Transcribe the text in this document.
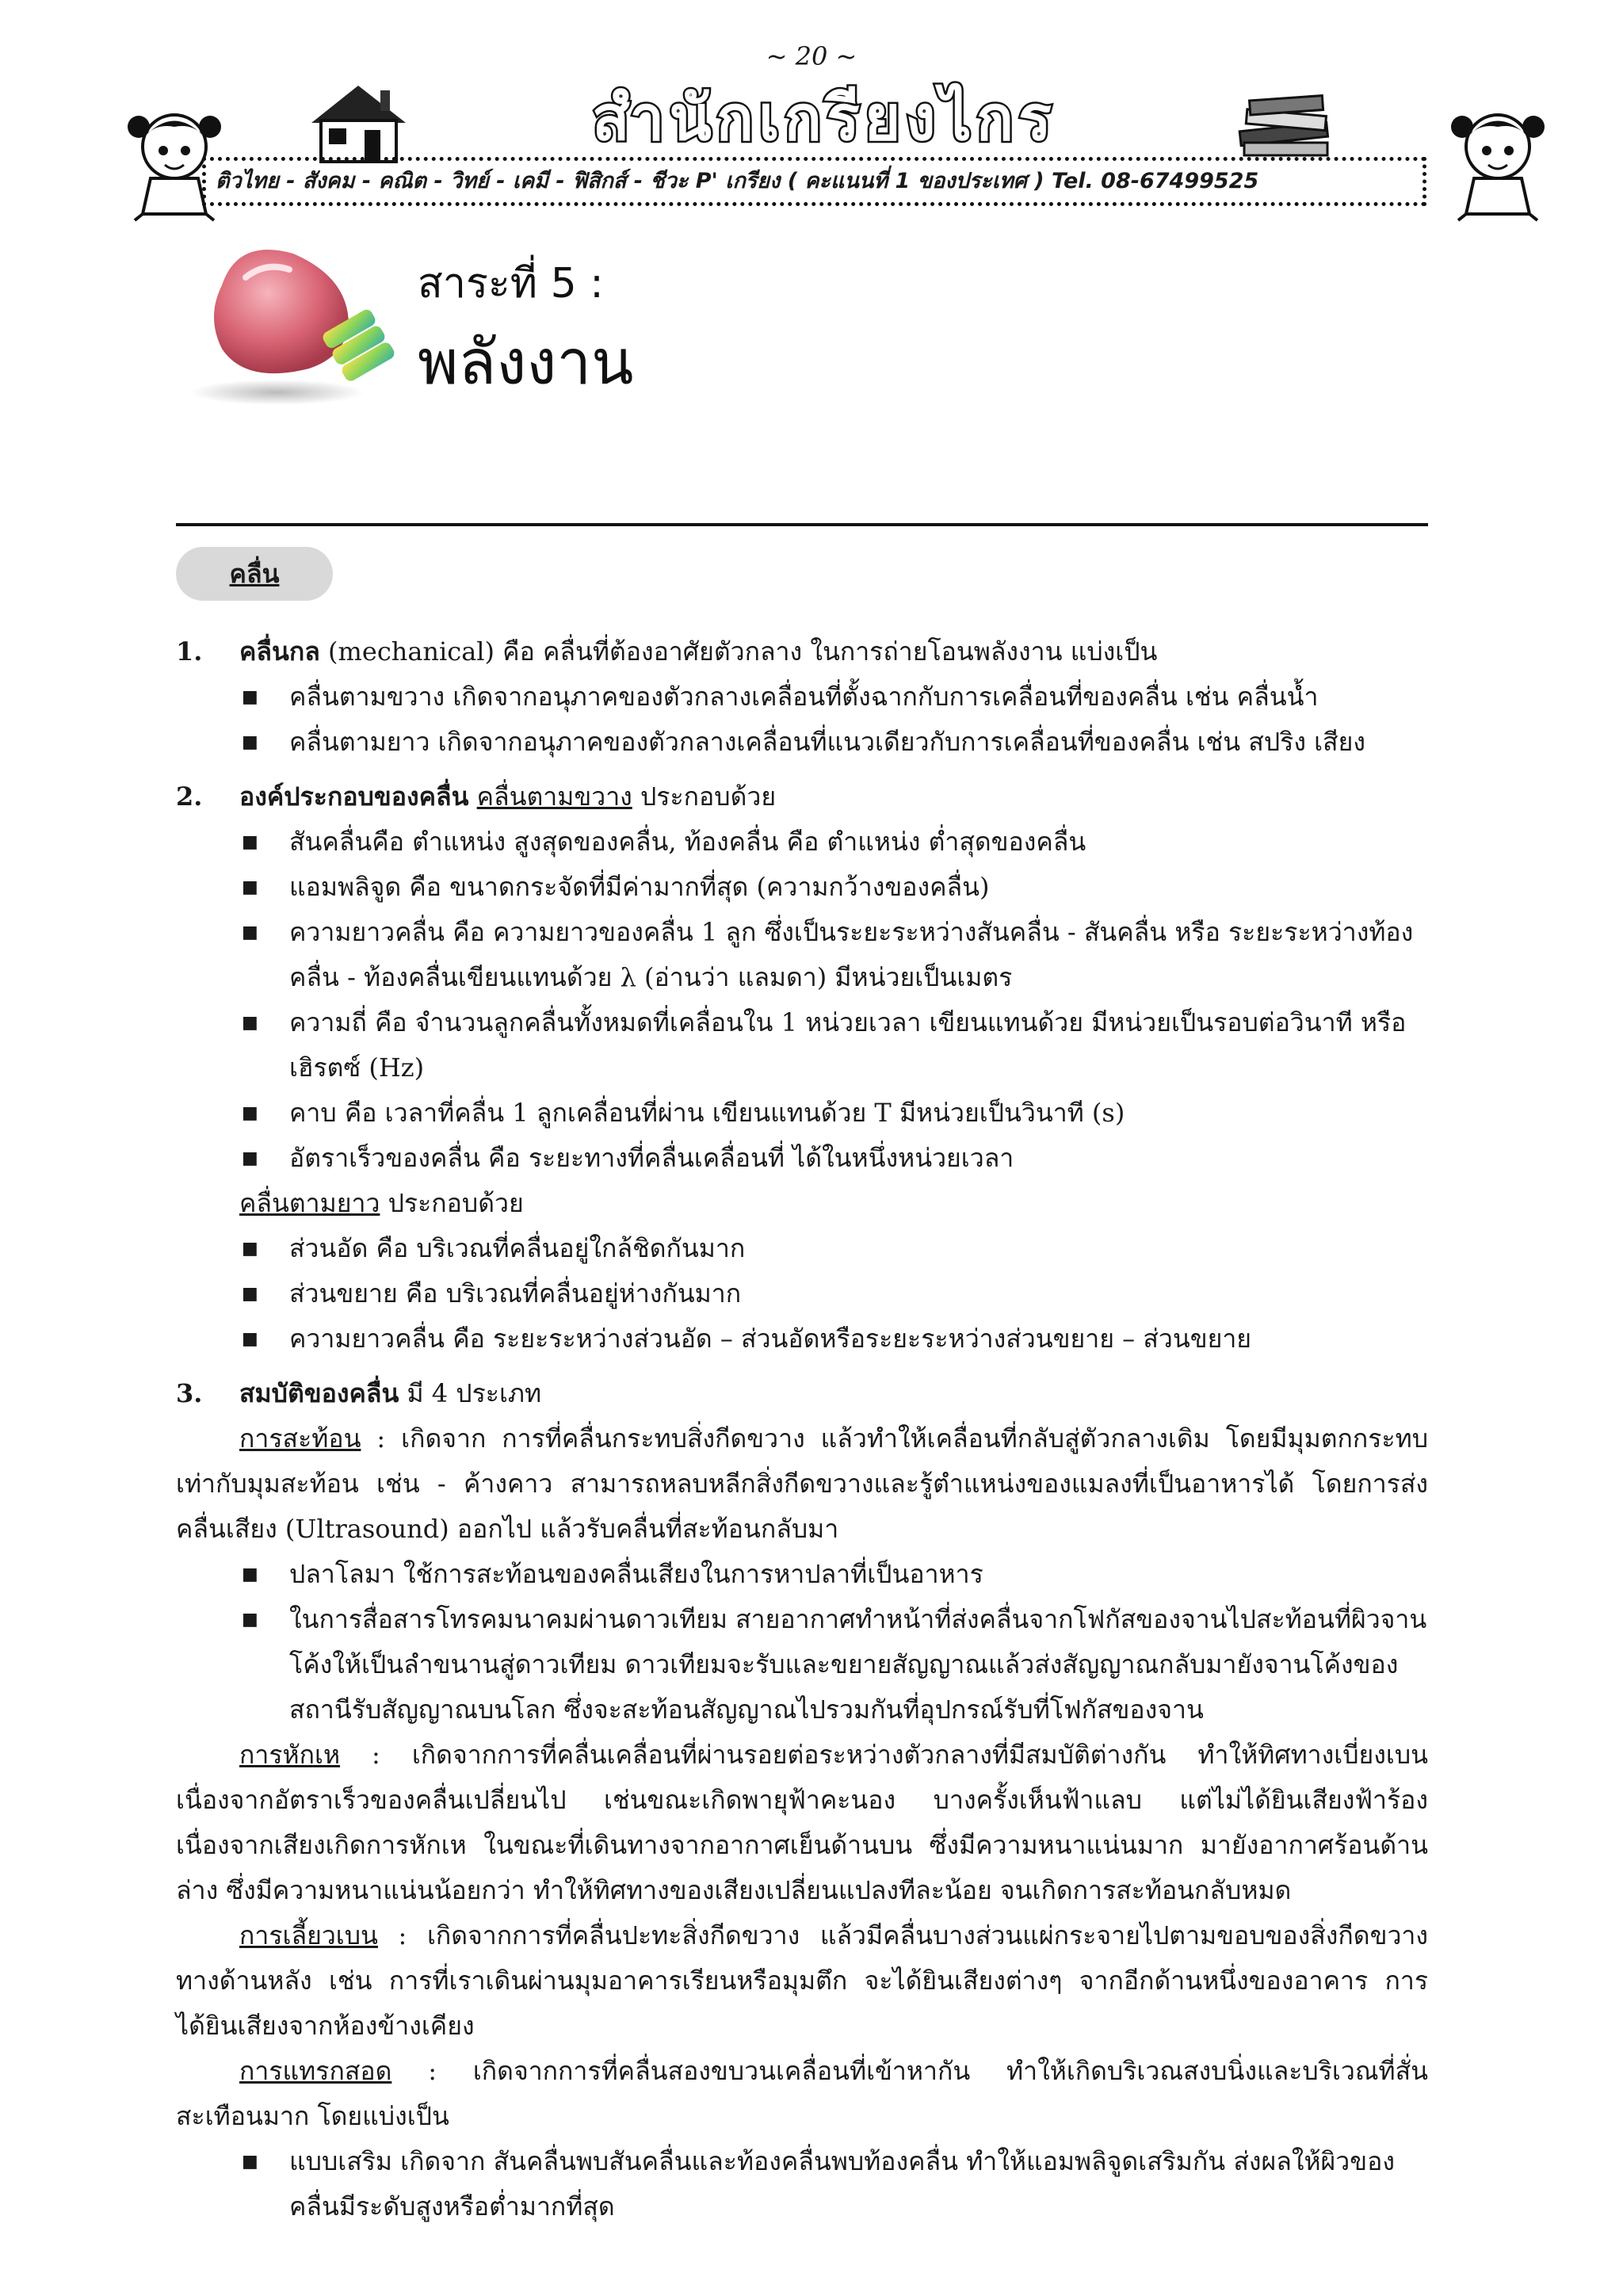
~ 20 ~
สำนักเกรียงไกร
ติวไทย - สังคม - คณิต - วิทย์ - เคมี - ฟิสิกส์ - ชีวะ P' เกรียง ( คะแนนที่ 1 ของประเทศ ) Tel. 08-67499525
สาระที่ 5 :
พลังงาน
คลื่น

1. คลื่นกล (mechanical) คือ คลื่นที่ต้องอาศัยตัวกลาง ในการถ่ายโอนพลังงาน แบ่งเป็น

■ คลื่นตามขวาง เกิดจากอนุภาคของตัวกลางเคลื่อนที่ตั้งฉากกับการเคลื่อนที่ของคลื่น เช่น คลื่นน้ำ

■ คลื่นตามยาว เกิดจากอนุภาคของตัวกลางเคลื่อนที่แนวเดียวกับการเคลื่อนที่ของคลื่น เช่น สปริง เสียง

2. องค์ประกอบของคลื่น คลื่นตามขวาง ประกอบด้วย

■ สันคลื่นคือ ตำแหน่ง สูงสุดของคลื่น, ท้องคลื่น คือ ตำแหน่ง ต่ำสุดของคลื่น

■ แอมพลิจูด คือ ขนาดกระจัดที่มีค่ามากที่สุด (ความกว้างของคลื่น)

■ ความยาวคลื่น คือ ความยาวของคลื่น 1 ลูก ซึ่งเป็นระยะระหว่างสันคลื่น - สันคลื่น หรือ ระยะระหว่างท้องคลื่น - ท้องคลื่นเขียนแทนด้วย λ (อ่านว่า แลมดา) มีหน่วยเป็นเมตร

■ ความถี่ คือ จำนวนลูกคลื่นทั้งหมดที่เคลื่อนใน 1 หน่วยเวลา เขียนแทนด้วย มีหน่วยเป็นรอบต่อวินาที หรือ เฮิรตซ์ (Hz)

■ คาบ คือ เวลาที่คลื่น 1 ลูกเคลื่อนที่ผ่าน เขียนแทนด้วย T มีหน่วยเป็นวินาที (s)

■ อัตราเร็วของคลื่น คือ ระยะทางที่คลื่นเคลื่อนที่ ได้ในหนึ่งหน่วยเวลา

คลื่นตามยาว ประกอบด้วย

■ ส่วนอัด คือ บริเวณที่คลื่นอยู่ใกล้ชิดกันมาก

■ ส่วนขยาย คือ บริเวณที่คลื่นอยู่ห่างกันมาก

■ ความยาวคลื่น คือ ระยะระหว่างส่วนอัด – ส่วนอัดหรือระยะระหว่างส่วนขยาย – ส่วนขยาย

3. สมบัติของคลื่น มี 4 ประเภท

การสะท้อน : เกิดจาก การที่คลื่นกระทบสิ่งกีดขวาง แล้วทำให้เคลื่อนที่กลับสู่ตัวกลางเดิม โดยมีมุมตกกระทบเท่ากับมุมสะท้อน เช่น - ค้างคาว สามารถหลบหลีกสิ่งกีดขวางและรู้ตำแหน่งของแมลงที่เป็นอาหารได้ โดยการส่งคลื่นเสียง (Ultrasound) ออกไป แล้วรับคลื่นที่สะท้อนกลับมา

■ ปลาโลมา ใช้การสะท้อนของคลื่นเสียงในการหาปลาที่เป็นอาหาร

■ ในการสื่อสารโทรคมนาคมผ่านดาวเทียม สายอากาศทำหน้าที่ส่งคลื่นจากโฟกัสของจานไปสะท้อนที่ผิวจานโค้งให้เป็นลำขนานสู่ดาวเทียม ดาวเทียมจะรับและขยายสัญญาณแล้วส่งสัญญาณกลับมายังจานโค้งของสถานีรับสัญญาณบนโลก ซึ่งจะสะท้อนสัญญาณไปรวมกันที่อุปกรณ์รับที่โฟกัสของจาน

การหักเห : เกิดจากการที่คลื่นเคลื่อนที่ผ่านรอยต่อระหว่างตัวกลางที่มีสมบัติต่างกัน ทำให้ทิศทางเบี่ยงเบน เนื่องจากอัตราเร็วของคลื่นเปลี่ยนไป เช่นขณะเกิดพายุฟ้าคะนอง บางครั้งเห็นฟ้าแลบ แต่ไม่ได้ยินเสียงฟ้าร้อง เนื่องจากเสียงเกิดการหักเห ในขณะที่เดินทางจากอากาศเย็นด้านบน ซึ่งมีความหนาแน่นมาก มายังอากาศร้อนด้านล่าง ซึ่งมีความหนาแน่นน้อยกว่า ทำให้ทิศทางของเสียงเปลี่ยนแปลงทีละน้อย จนเกิดการสะท้อนกลับหมด

การเลี้ยวเบน : เกิดจากการที่คลื่นปะทะสิ่งกีดขวาง แล้วมีคลื่นบางส่วนแผ่กระจายไปตามขอบของสิ่งกีดขวางทางด้านหลัง เช่น การที่เราเดินผ่านมุมอาคารเรียนหรือมุมตึก จะได้ยินเสียงต่างๆ จากอีกด้านหนึ่งของอาคาร การได้ยินเสียงจากห้องข้างเคียง

การแทรกสอด : เกิดจากการที่คลื่นสองขบวนเคลื่อนที่เข้าหากัน ทำให้เกิดบริเวณสงบนิ่งและบริเวณที่สั่นสะเทือนมาก โดยแบ่งเป็น

■ แบบเสริม เกิดจาก สันคลื่นพบสันคลื่นและท้องคลื่นพบท้องคลื่น ทำให้แอมพลิจูดเสริมกัน ส่งผลให้ผิวของคลื่นมีระดับสูงหรือต่ำมากที่สุด
